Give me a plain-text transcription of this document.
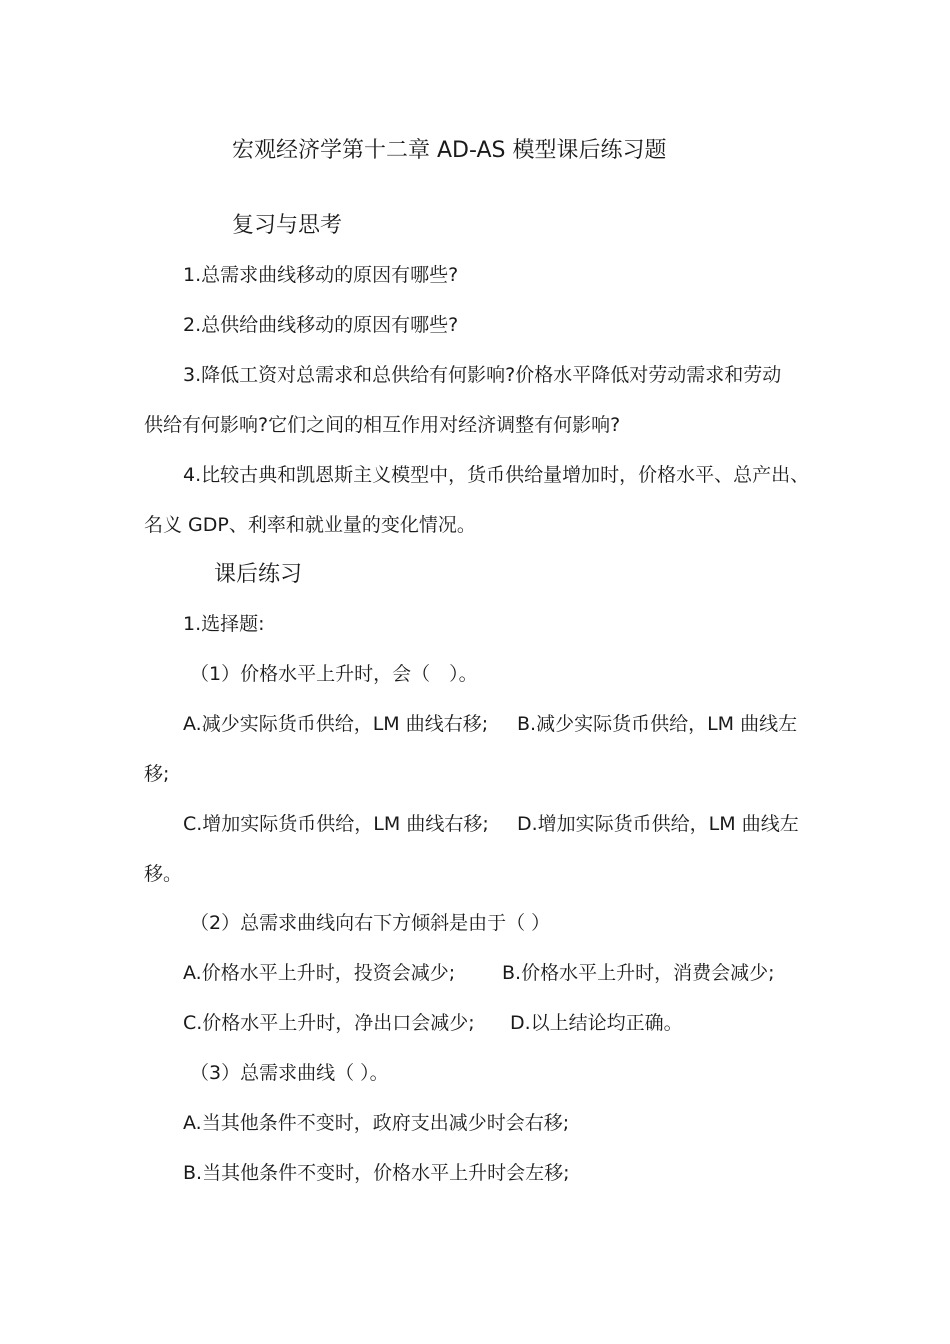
宏观经济学第十二章 AD-AS 模型课后练习题
复习与思考
1.总需求曲线移动的原因有哪些?
2.总供给曲线移动的原因有哪些?
3.降低工资对总需求和总供给有何影响?价格水平降低对劳动需求和劳动
供给有何影响?它们之间的相互作用对经济调整有何影响?
4.比较古典和凯恩斯主义模型中，货币供给量增加时，价格水平、总产出、
名义 GDP、利率和就业量的变化情况。
课后练习
1.选择题:
（1）价格水平上升时，会（　）。
A.减少实际货币供给，LM 曲线右移; B.减少实际货币供给，LM 曲线左
移;
C.增加实际货币供给，LM 曲线右移; D.增加实际货币供给，LM 曲线左
移。
（2）总需求曲线向右下方倾斜是由于（ ）
A.价格水平上升时，投资会减少; B.价格水平上升时，消费会减少;
C.价格水平上升时，净出口会减少; D.以上结论均正确。
（3）总需求曲线（ ）。
A.当其他条件不变时，政府支出减少时会右移;
B.当其他条件不变时，价格水平上升时会左移;
